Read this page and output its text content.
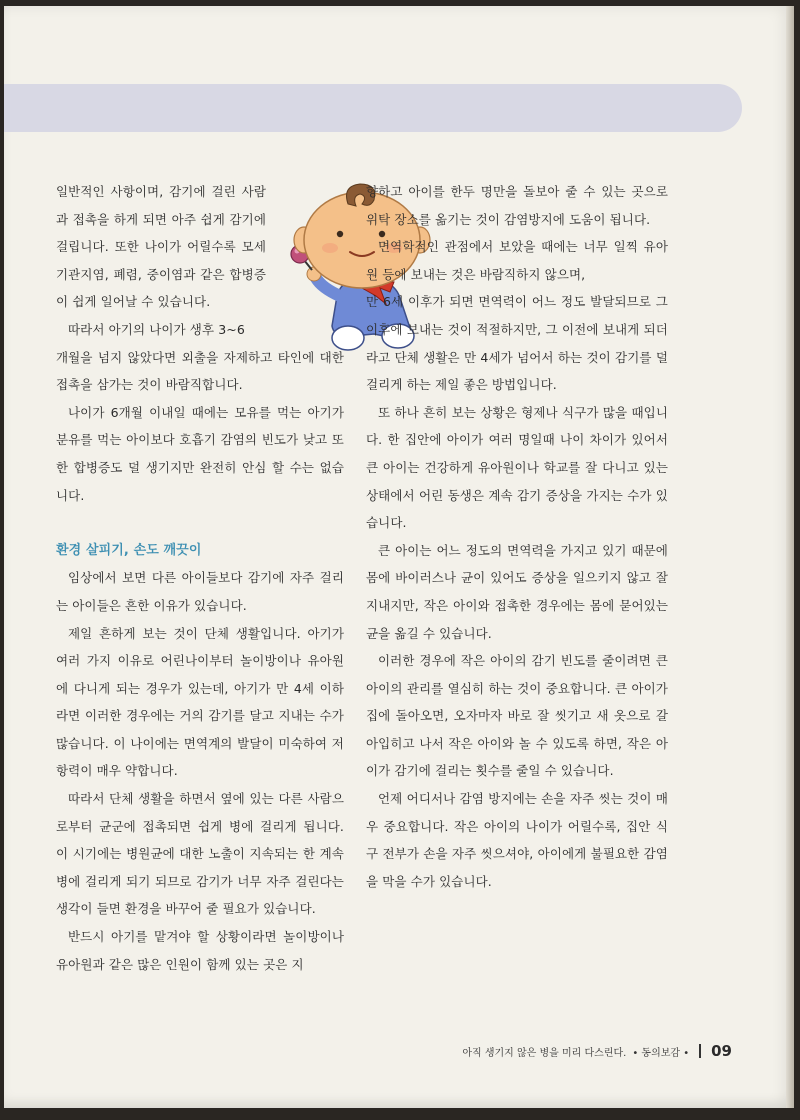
일반적인 사항이며, 감기에 걸린 사람과 접촉을 하게 되면 아주 쉽게 감기에 걸립니다. 또한 나이가 어릴수록 모세기관지염, 폐렴, 중이염과 같은 합병증이 쉽게 일어날 수 있습니다.

따라서 아기의 나이가 생후 3~6

개월을 넘지 않았다면 외출을 자제하고 타인에 대한 접촉을 삼가는 것이 바람직합니다.

나이가 6개월 이내일 때에는 모유를 먹는 아기가 분유를 먹는 아이보다 호흡기 감염의 빈도가 낮고 또한 합병증도 덜 생기지만 완전히 안심 할 수는 없습니다.

환경 살피기, 손도 깨끗이

임상에서 보면 다른 아이들보다 감기에 자주 걸리는 아이들은 흔한 이유가 있습니다.

제일 흔하게 보는 것이 단체 생활입니다. 아기가 여러 가지 이유로 어린나이부터 놀이방이나 유아원에 다니게 되는 경우가 있는데, 아기가 만 4세 이하라면 이러한 경우에는 거의 감기를 달고 지내는 수가 많습니다. 이 나이에는 면역계의 발달이 미숙하여 저항력이 매우 약합니다.

따라서 단체 생활을 하면서 옆에 있는 다른 사람으로부터 균군에 접촉되면 쉽게 병에 걸리게 됩니다. 이 시기에는 병원균에 대한 노출이 지속되는 한 계속 병에 걸리게 되기 되므로 감기가 너무 자주 걸린다는 생각이 들면 환경을 바꾸어 줄 필요가 있습니다.

반드시 아기를 맡겨야 할 상황이라면 놀이방이나 유아원과 같은 많은 인원이 함께 있는 곳은 지

향하고 아이를 한두 명만을 돌보아 줄 수 있는 곳으로 위탁 장소를 옮기는 것이 감염방지에 도움이 됩니다.

면역학적인 관점에서 보았을 때에는 너무 일찍 유아원 등에 보내는 것은 바람직하지 않으며,

만 6세 이후가 되면 면역력이 어느 정도 발달되므로 그 이후에 보내는 것이 적절하지만, 그 이전에 보내게 되더라고 단체 생활은 만 4세가 넘어서 하는 것이 감기를 덜 걸리게 하는 제일 좋은 방법입니다.

또 하나 흔히 보는 상황은 형제나 식구가 많을 때입니다. 한 집안에 아이가 여러 명일때 나이 차이가 있어서 큰 아이는 건강하게 유아원이나 학교를 잘 다니고 있는 상태에서 어린 동생은 계속 감기 증상을 가지는 수가 있습니다.

큰 아이는 어느 정도의 면역력을 가지고 있기 때문에 몸에 바이러스나 균이 있어도 증상을 일으키지 않고 잘 지내지만, 작은 아이와 접촉한 경우에는 몸에 묻어있는 균을 옮길 수 있습니다.

이러한 경우에 작은 아이의 감기 빈도를 줄이려면 큰 아이의 관리를 열심히 하는 것이 중요합니다. 큰 아이가 집에 돌아오면, 오자마자 바로 잘 씻기고 새 옷으로 갈아입히고 나서 작은 아이와 놀 수 있도록 하면, 작은 아이가 감기에 걸리는 횟수를 줄일 수 있습니다.

언제 어디서나 감염 방지에는 손을 자주 씻는 것이 매우 중요합니다. 작은 아이의 나이가 어릴수록, 집안 식구 전부가 손을 자주 씻으셔야, 아이에게 불필요한 감염을 막을 수가 있습니다.

아직 생기지 않은 병을 미리 다스린다. • 동의보감 • 09
